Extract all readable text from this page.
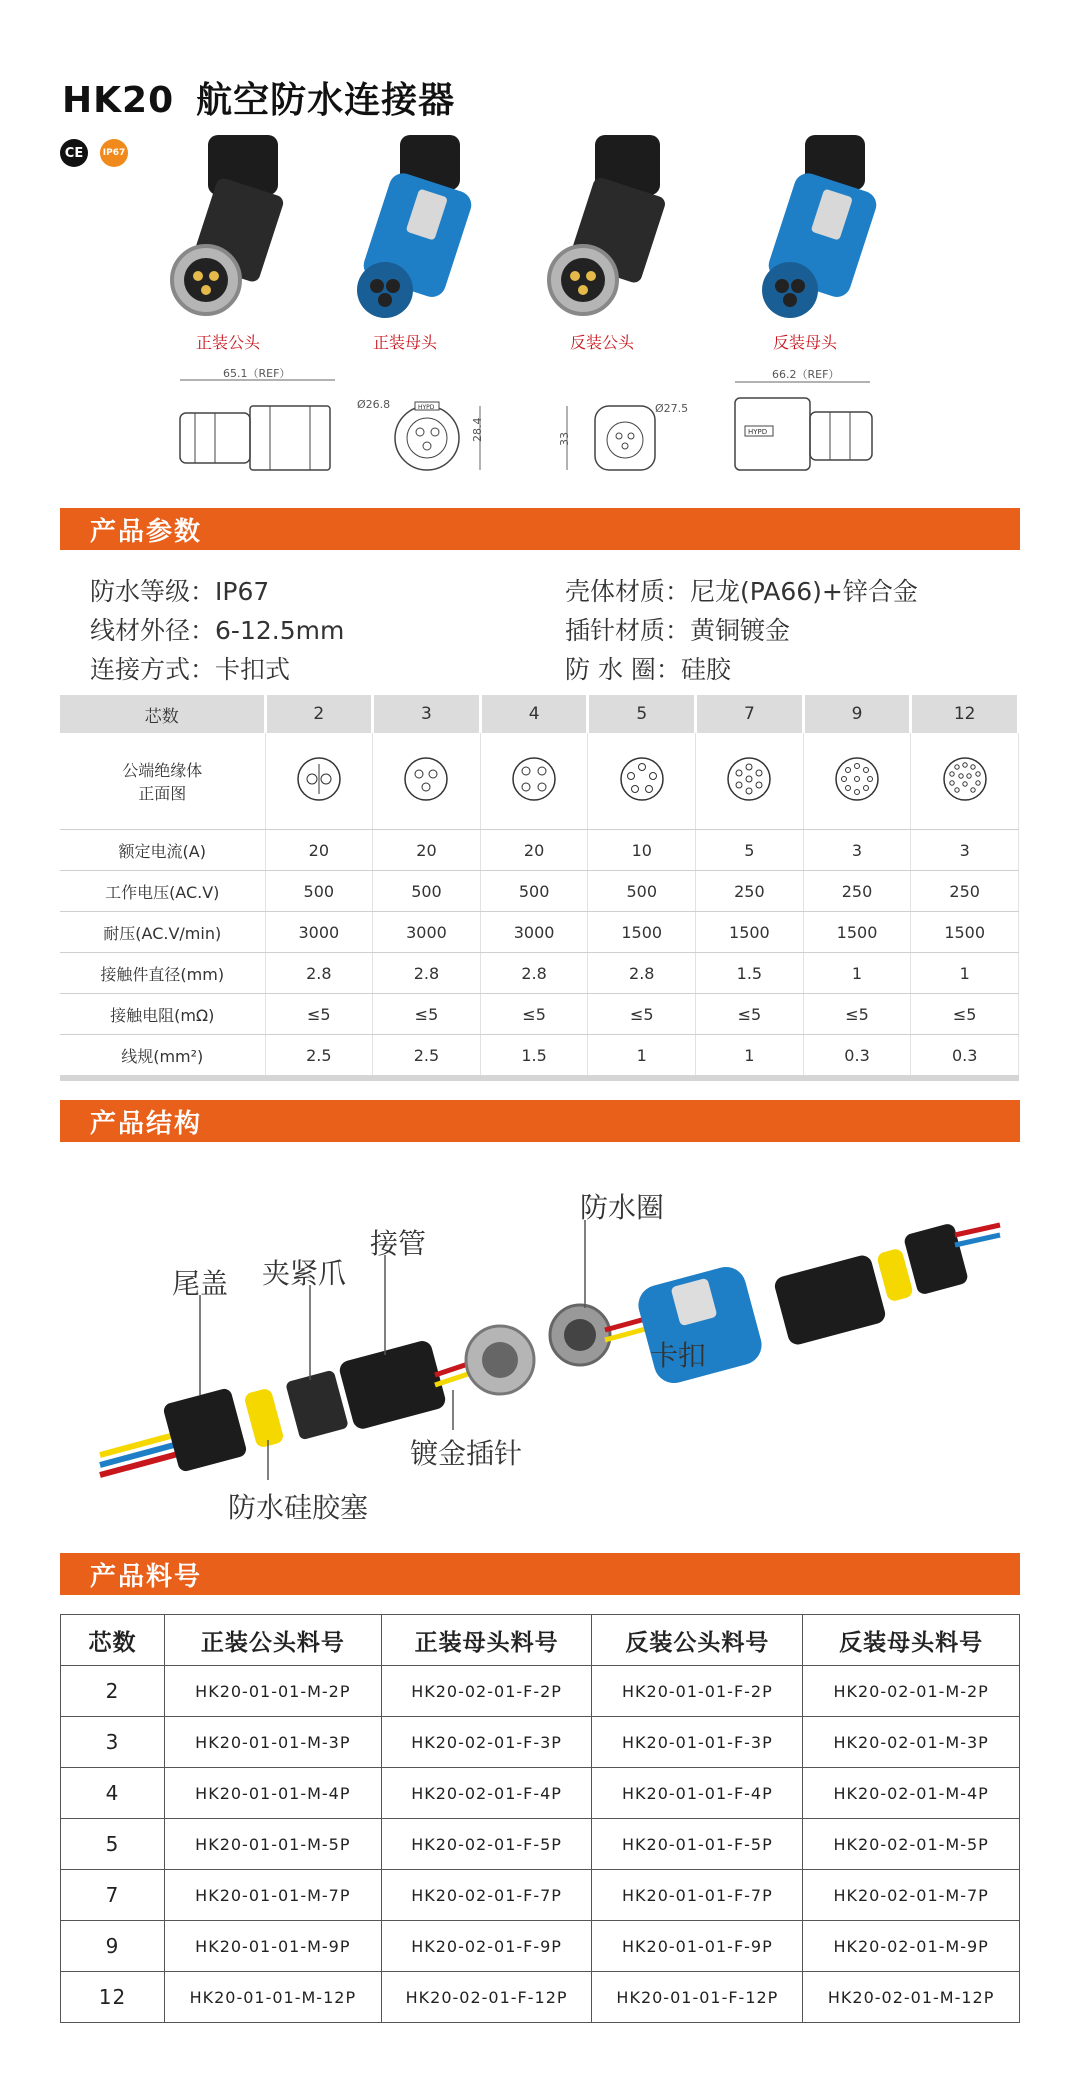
HK20 航空防水连接器
CE	IP67
正装公头	正装母头	反装公头	反装母头
65.1（REF）
Ø26.8	HYPD
28.4	33
Ø27.5
66.2（REF）
HYPD
产品参数
防水等级：IP67
线材外径：6-12.5mm
连接方式：卡扣式
壳体材质：尼龙(PA66)+锌合金
插针材质：黄铜镀金
防 水 圈：硅胶
芯数	2	3	4	5	7	9	12

公端绝缘体
正面图

额定电流(A)	20	20	20	10	5	3	3
工作电压(AC.V)	500	500	500	500	250	250	250
耐压(AC.V/min)	3000	3000	3000	1500	1500	1500	1500
接触件直径(mm)	2.8	2.8	2.8	2.8	1.5	1	1
接触电阻(mΩ)	≤5	≤5	≤5	≤5	≤5	≤5	≤5
线规(mm²)	2.5	2.5	1.5	1	1	0.3	0.3
产品结构
尾盖 夹紧爪
接管
防水圈
卡扣
镀金插针
防水硅胶塞
产品料号
芯数	正装公头料号	正装母头料号	反装公头料号	反装母头料号
2	HK20-01-01-M-2P	HK20-02-01-F-2P	HK20-01-01-F-2P	HK20-02-01-M-2P
3	HK20-01-01-M-3P	HK20-02-01-F-3P	HK20-01-01-F-3P	HK20-02-01-M-3P
4	HK20-01-01-M-4P	HK20-02-01-F-4P	HK20-01-01-F-4P	HK20-02-01-M-4P
5	HK20-01-01-M-5P	HK20-02-01-F-5P	HK20-01-01-F-5P	HK20-02-01-M-5P
7	HK20-01-01-M-7P	HK20-02-01-F-7P	HK20-01-01-F-7P	HK20-02-01-M-7P
9	HK20-01-01-M-9P	HK20-02-01-F-9P	HK20-01-01-F-9P	HK20-02-01-M-9P
12	HK20-01-01-M-12P	HK20-02-01-F-12P	HK20-01-01-F-12P	HK20-02-01-M-12P
